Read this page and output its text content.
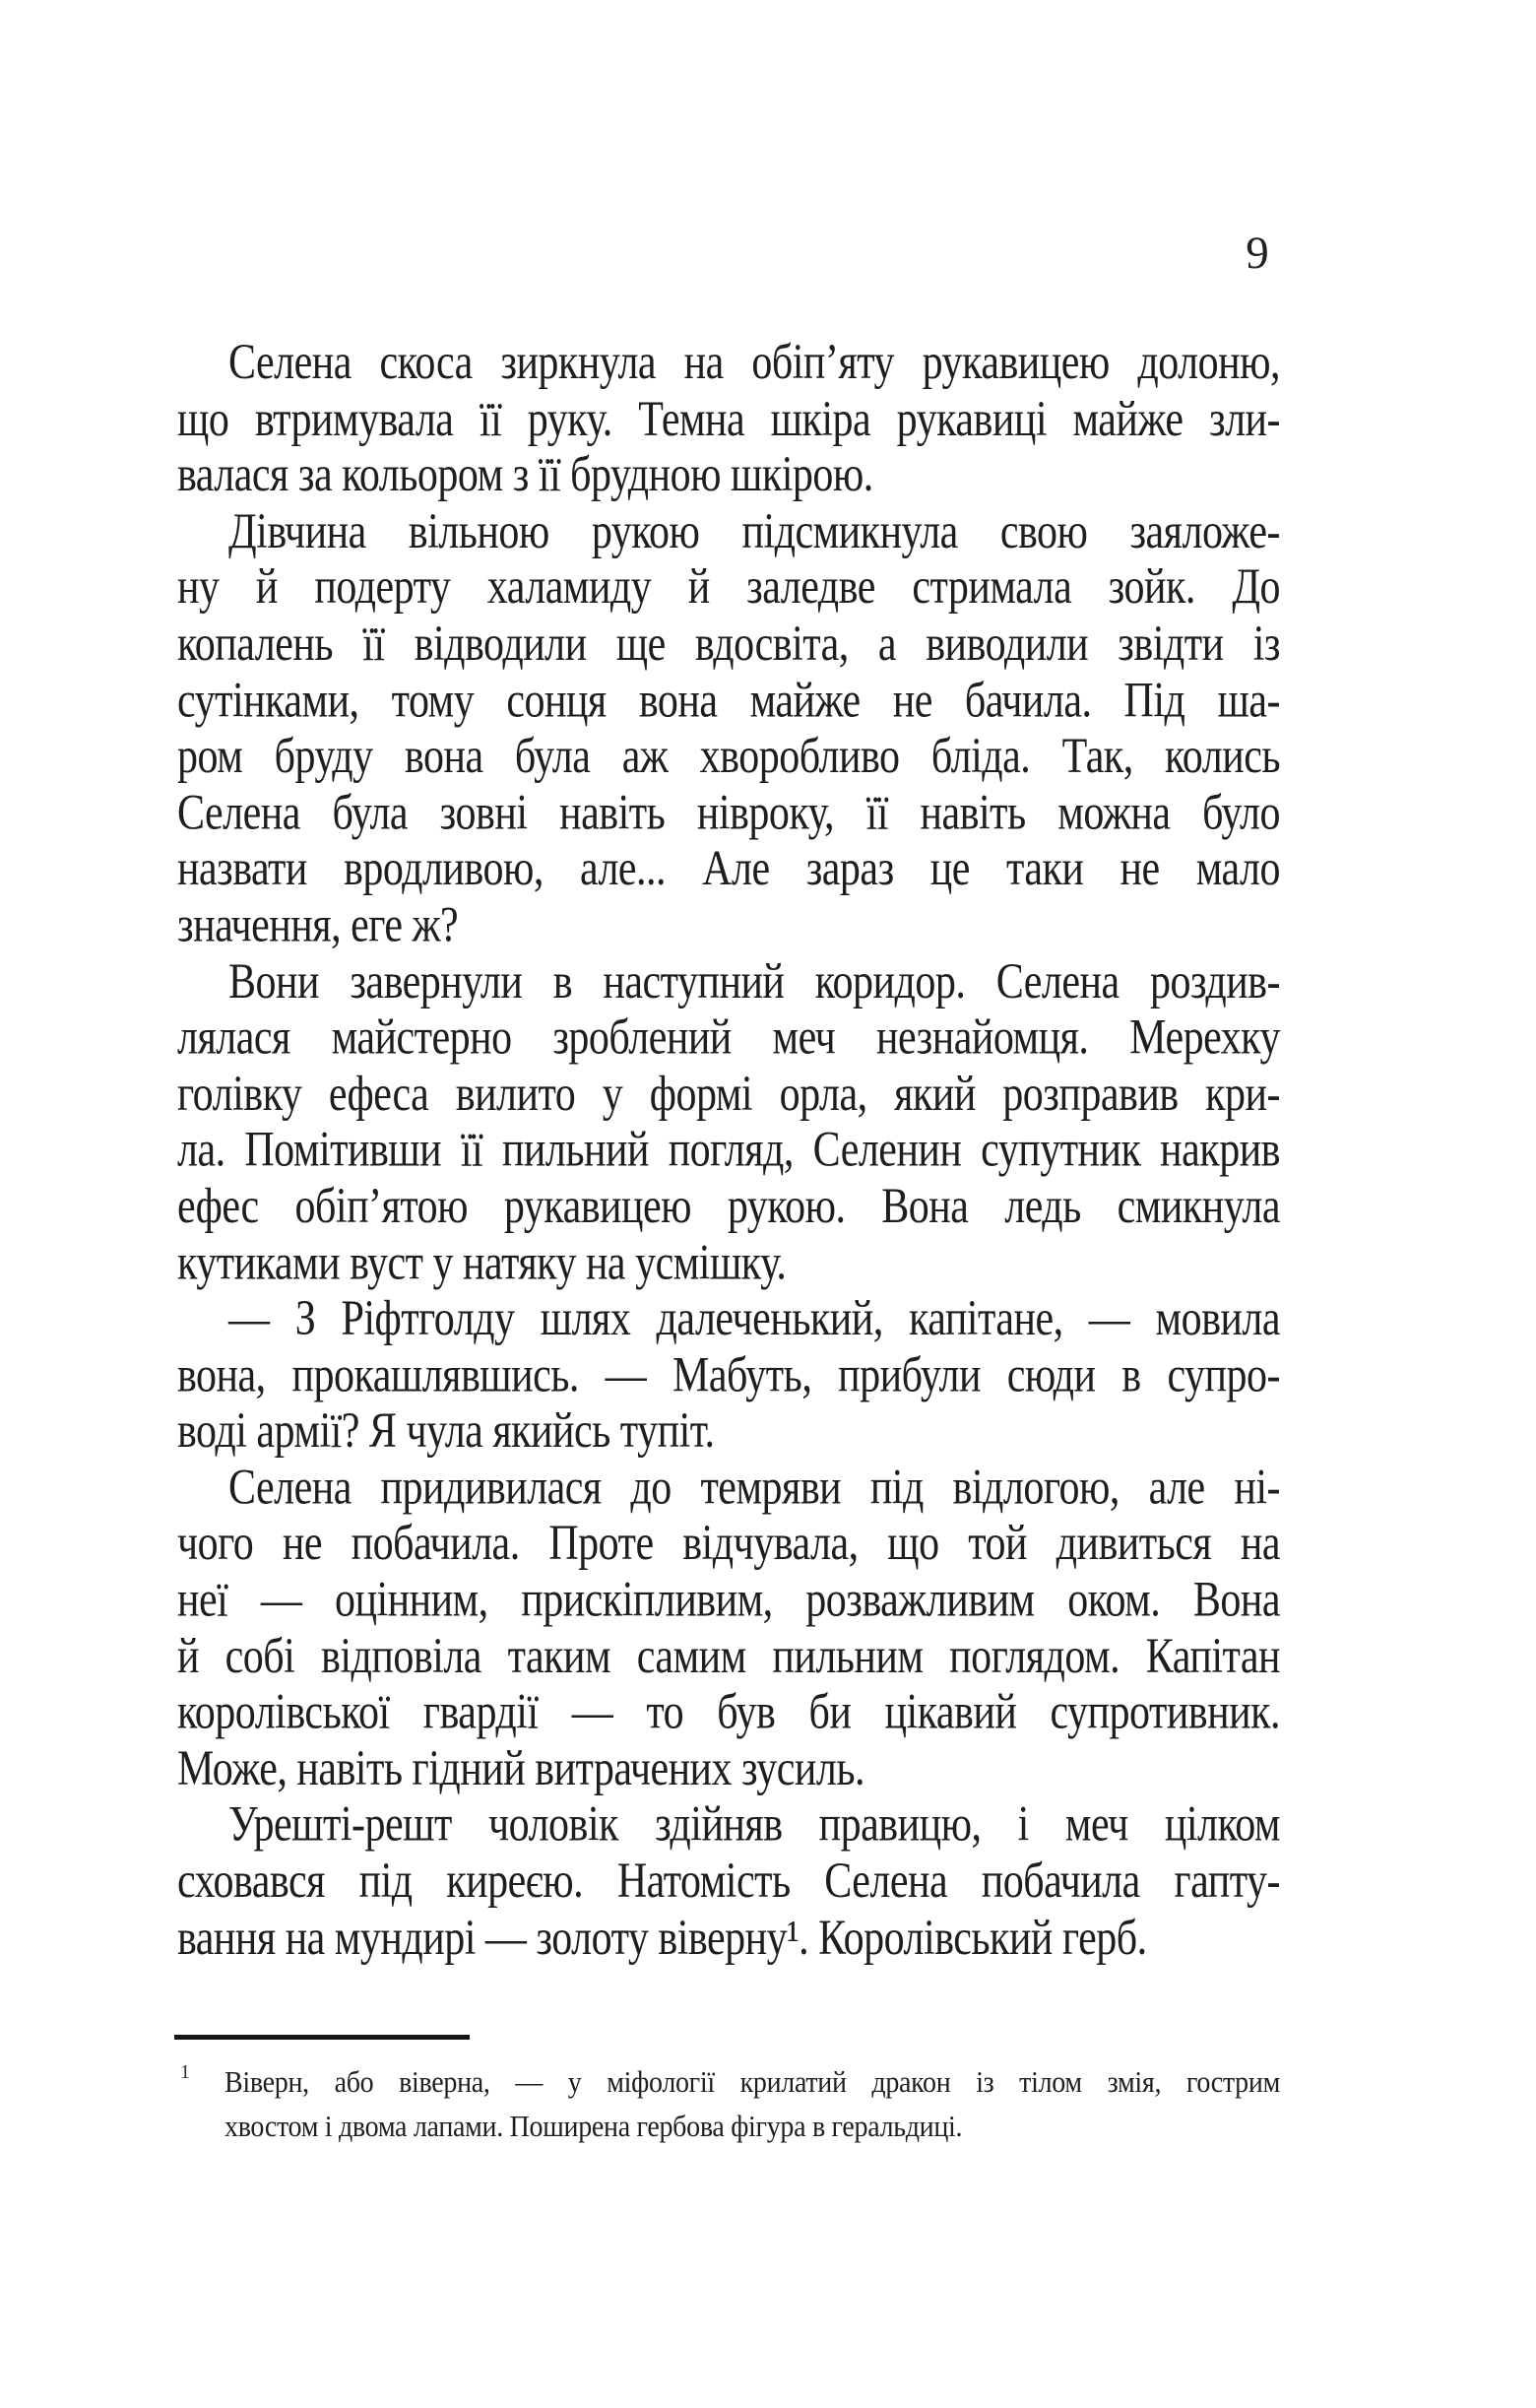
9
Селена скоса зиркнула на обіп’яту рукавицею долоню,
що втримувала її руку. Темна шкіра рукавиці майже зли-
валася за кольором з її брудною шкірою.
Дівчина вільною рукою підсмикнула свою заяложе-
ну й подерту халамиду й заледве стримала зойк. До
копалень її відводили ще вдосвіта, а виводили звідти із
сутінками, тому сонця вона майже не бачила. Під ша-
ром бруду вона була аж хворобливо бліда. Так, колись
Селена була зовні навіть нівроку, її навіть можна було
назвати вродливою, але... Але зараз це таки не мало
значення, еге ж?
Вони завернули в наступний коридор. Селена роздив-
лялася майстерно зроблений меч незнайомця. Мерехку
голівку ефеса вилито у формі орла, який розправив кри-
ла. Помітивши її пильний погляд, Селенин супутник накрив
ефес обіп’ятою рукавицею рукою. Вона ледь смикнула
кутиками вуст у натяку на усмішку.
— З Ріфтголду шлях далеченький, капітане, — мовила
вона, прокашлявшись. — Мабуть, прибули сюди в супро-
воді армії? Я чула якийсь тупіт.
Селена придивилася до темряви під відлогою, але ні-
чого не побачила. Проте відчувала, що той дивиться на
неї — оцінним, прискіпливим, розважливим оком. Вона
й собі відповіла таким самим пильним поглядом. Капітан
королівської гвардії — то був би цікавий супротивник.
Може, навіть гідний витрачених зусиль.
Урешті-решт чоловік здійняв правицю, і меч цілком
сховався під киреєю. Натомість Селена побачила гапту-
вання на мундирі — золоту віверну¹. Королівський герб.
1 Віверн, або віверна, — у міфології крилатий дракон із тілом змія, гострим
хвостом і двома лапами. Поширена гербова фігура в геральдиці.
